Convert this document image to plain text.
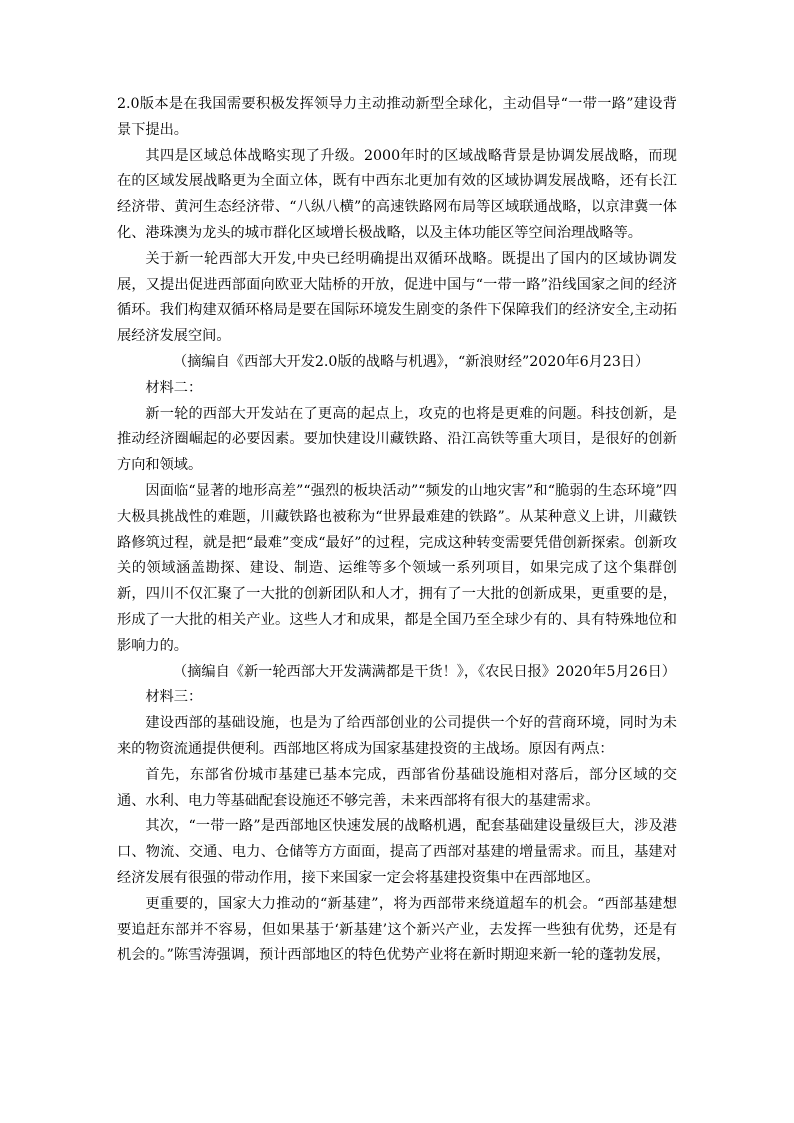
2.0版本是在我国需要积极发挥领导力主动推动新型全球化，主动倡导“一带一路”建设背景下提出。

其四是区域总体战略实现了升级。2000年时的区域战略背景是协调发展战略，而现在的区域发展战略更为全面立体，既有中西东北更加有效的区域协调发展战略，还有长江经济带、黄河生态经济带、“八纵八横”的高速铁路网布局等区域联通战略，以京津冀一体化、港珠澳为龙头的城市群化区域增长极战略，以及主体功能区等空间治理战略等。

关于新一轮西部大开发,中央已经明确提出双循环战略。既提出了国内的区域协调发展，又提出促进西部面向欧亚大陆桥的开放，促进中国与“一带一路”沿线国家之间的经济循环。我们构建双循环格局是要在国际环境发生剧变的条件下保障我们的经济安全,主动拓展经济发展空间。

（摘编自《西部大开发2.0版的战略与机遇》，“新浪财经”2020年6月23日）

材料二：

新一轮的西部大开发站在了更高的起点上，攻克的也将是更难的问题。科技创新，是推动经济圈崛起的必要因素。要加快建设川藏铁路、沿江高铁等重大项目，是很好的创新方向和领域。

因面临“显著的地形高差”“强烈的板块活动”“频发的山地灾害”和“脆弱的生态环境”四大极具挑战性的难题，川藏铁路也被称为“世界最难建的铁路”。从某种意义上讲，川藏铁路修筑过程，就是把“最难”变成“最好”的过程，完成这种转变需要凭借创新探索。创新攻关的领域涵盖勘探、建设、制造、运维等多个领域一系列项目，如果完成了这个集群创新，四川不仅汇聚了一大批的创新团队和人才，拥有了一大批的创新成果，更重要的是，形成了一大批的相关产业。这些人才和成果，都是全国乃至全球少有的、具有特殊地位和影响力的。

（摘编自《新一轮西部大开发满满都是干货！》，《农民日报》2020年5月26日）

材料三：

建设西部的基础设施，也是为了给西部创业的公司提供一个好的营商环境，同时为未来的物资流通提供便利。西部地区将成为国家基建投资的主战场。原因有两点：

首先，东部省份城市基建已基本完成，西部省份基础设施相对落后，部分区域的交通、水利、电力等基础配套设施还不够完善，未来西部将有很大的基建需求。

其次，“一带一路”是西部地区快速发展的战略机遇，配套基础建设量级巨大，涉及港口、物流、交通、电力、仓储等方方面面，提高了西部对基建的增量需求。而且，基建对经济发展有很强的带动作用，接下来国家一定会将基建投资集中在西部地区。

更重要的，国家大力推动的“新基建”，将为西部带来绕道超车的机会。“西部基建想要追赶东部并不容易，但如果基于‘新基建’这个新兴产业，去发挥一些独有优势，还是有机会的。”陈雪涛强调，预计西部地区的特色优势产业将在新时期迎来新一轮的蓬勃发展，
